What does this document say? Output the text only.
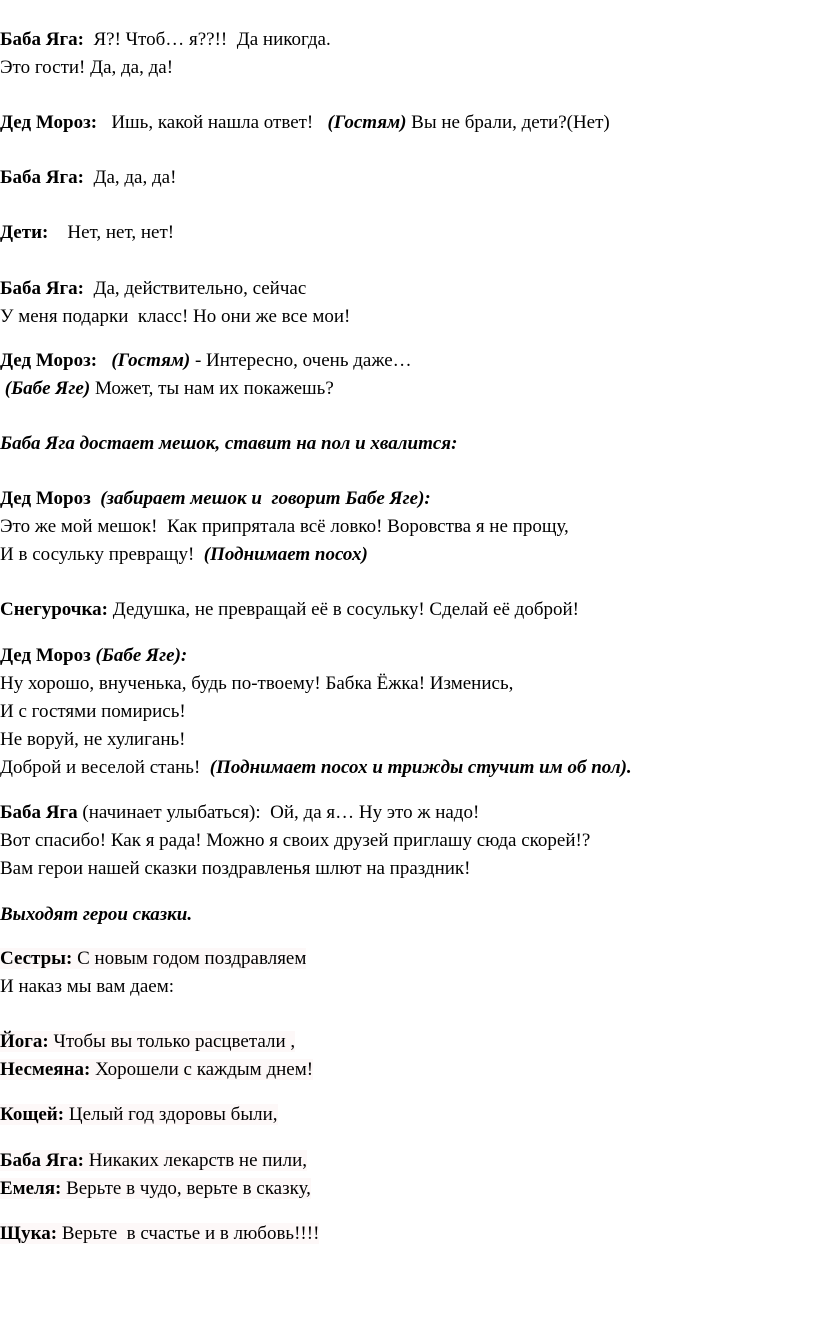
Баба Яга:  Я?! Чтоб… я??!!  Да никогда.
Это гости! Да, да, да!
Дед Мороз:   Ишь, какой нашла ответ!   (Гостям) Вы не брали, дети?(Нет)
Баба Яга:  Да, да, да!
Дети:    Нет, нет, нет!
Баба Яга:  Да, действительно, сейчас
У меня подарки  класс! Но они же все мои!
Дед Мороз: (Гостям) - Интересно, очень даже…
(Бабе Яге) Может, ты нам их покажешь?
Баба Яга достает мешок, ставит на пол и хвалится:
Дед Мороз (забирает мешок и  говорит Бабе Яге):
Это же мой мешок!  Как припрятала всё ловко! Воровства я не прощу,
И в сосульку превращу!  (Поднимает посох)
Снегурочка: Дедушка, не превращай её в сосульку! Сделай её доброй!
Дед Мороз (Бабе Яге):
Ну хорошо, внученька, будь по-твоему! Бабка Ёжка! Изменись,
И с гостями помирись!
Не воруй, не хулигань!
Доброй и веселой стань!  (Поднимает посох и трижды стучит им об пол).
Баба Яга (начинает улыбаться):  Ой, да я… Ну это ж надо!
Вот спасибо! Как я рада! Можно я своих друзей приглашу сюда скорей!?
Вам герои нашей сказки поздравленья шлют на праздник!
Выходят герои сказки.
Сестры: С новым годом поздравляем
И наказ мы вам даем:
Йога: Чтобы вы только расцветали ,
Несмеяна: Хорошели с каждым днем!
Кощей: Целый год здоровы были,
Баба Яга: Никаких лекарств не пили,
Емеля: Верьте в чудо, верьте в сказку,
Щука: Верьте  в счастье и в любовь!!!!
